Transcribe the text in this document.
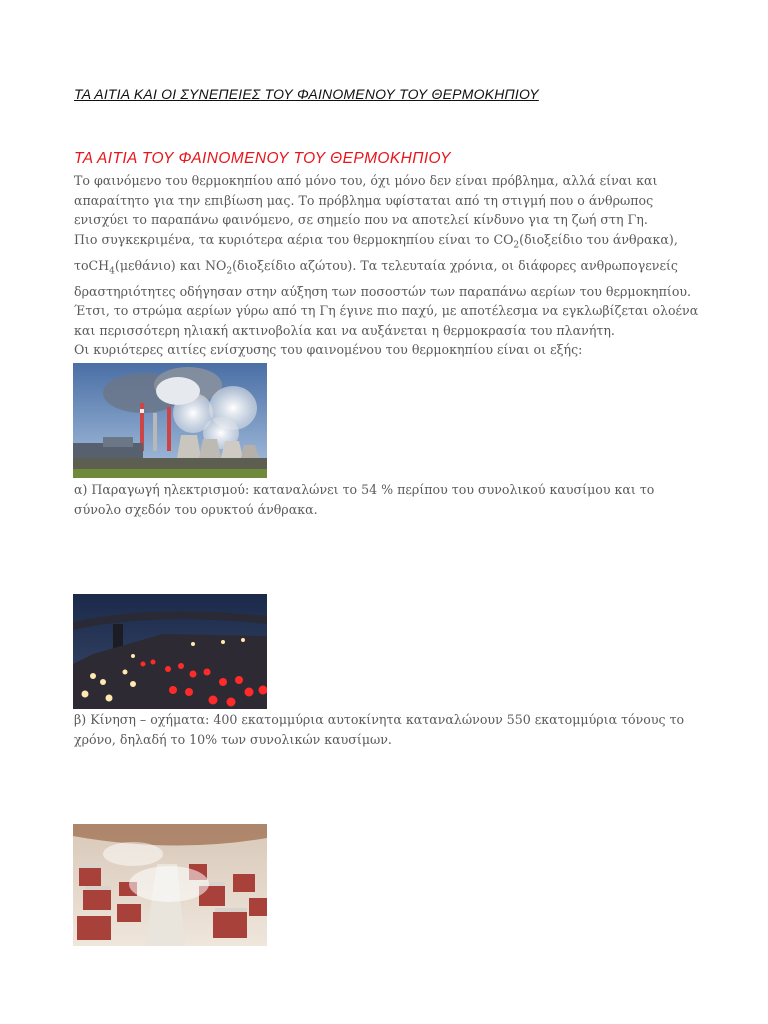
ΤΑ ΑΙΤΙΑ ΚΑΙ ΟΙ ΣΥΝΕΠΕΙΕΣ ΤΟΥ ΦΑΙΝΟΜΕΝΟΥ ΤΟΥ ΘΕΡΜΟΚΗΠΙΟΥ
ΤΑ ΑΙΤΙΑ ΤΟΥ ΦΑΙΝΟΜΕΝΟΥ ΤΟΥ ΘΕΡΜΟΚΗΠΙΟΥ

Το φαινόμενο του θερμοκηπίου από μόνο του, όχι μόνο δεν είναι πρόβλημα, αλλά είναι και απαραίτητο για την επιβίωση μας. Το πρόβλημα υφίσταται από τη στιγμή που ο άνθρωπος ενισχύει το παραπάνω φαινόμενο, σε σημείο που να αποτελεί κίνδυνο για τη ζωή στη Γη.

Πιο συγκεκριμένα, τα κυριότερα αέρια του θερμοκηπίου είναι το $CO_2(\delta\iota o\xi\varepsilon ί\delta\iota o$ του άνθρακα), τοCH$_4$(μεθάνιο) και $NO_2(\delta\iota o\xi\varepsilon ί\delta\iota o$ αζώτου). Τα τελευταία χρόνια, οι διάφορες ανθρωπογενείς δραστηριότητες οδήγησαν στην αύξηση των ποσοστών των παραπάνω αερίων του θερμοκηπίου. Έτσι, το στρώμα αερίων γύρω από τη Γη έγινε πιο παχύ, με αποτέλεσμα να εγκλωβίζεται ολοένα και περισσότερη ηλιακή ακτινοβολία και να αυξάνεται η θερμοκρασία του πλανήτη.

Οι κυριότερες αιτίες ενίσχυσης του φαινομένου του θερμοκηπίου είναι οι εξής:

α) Παραγωγή ηλεκτρισμού: καταναλώνει το 54 % περίπου του συνολικού καυσίμου και το σύνολο σχεδόν του ορυκτού άνθρακα.

β) Κίνηση – οχήματα: 400 εκατομμύρια αυτοκίνητα καταναλώνουν 550 εκατομμύρια τόνους το χρόνο, δηλαδή το 10% των συνολικών καυσίμων.
